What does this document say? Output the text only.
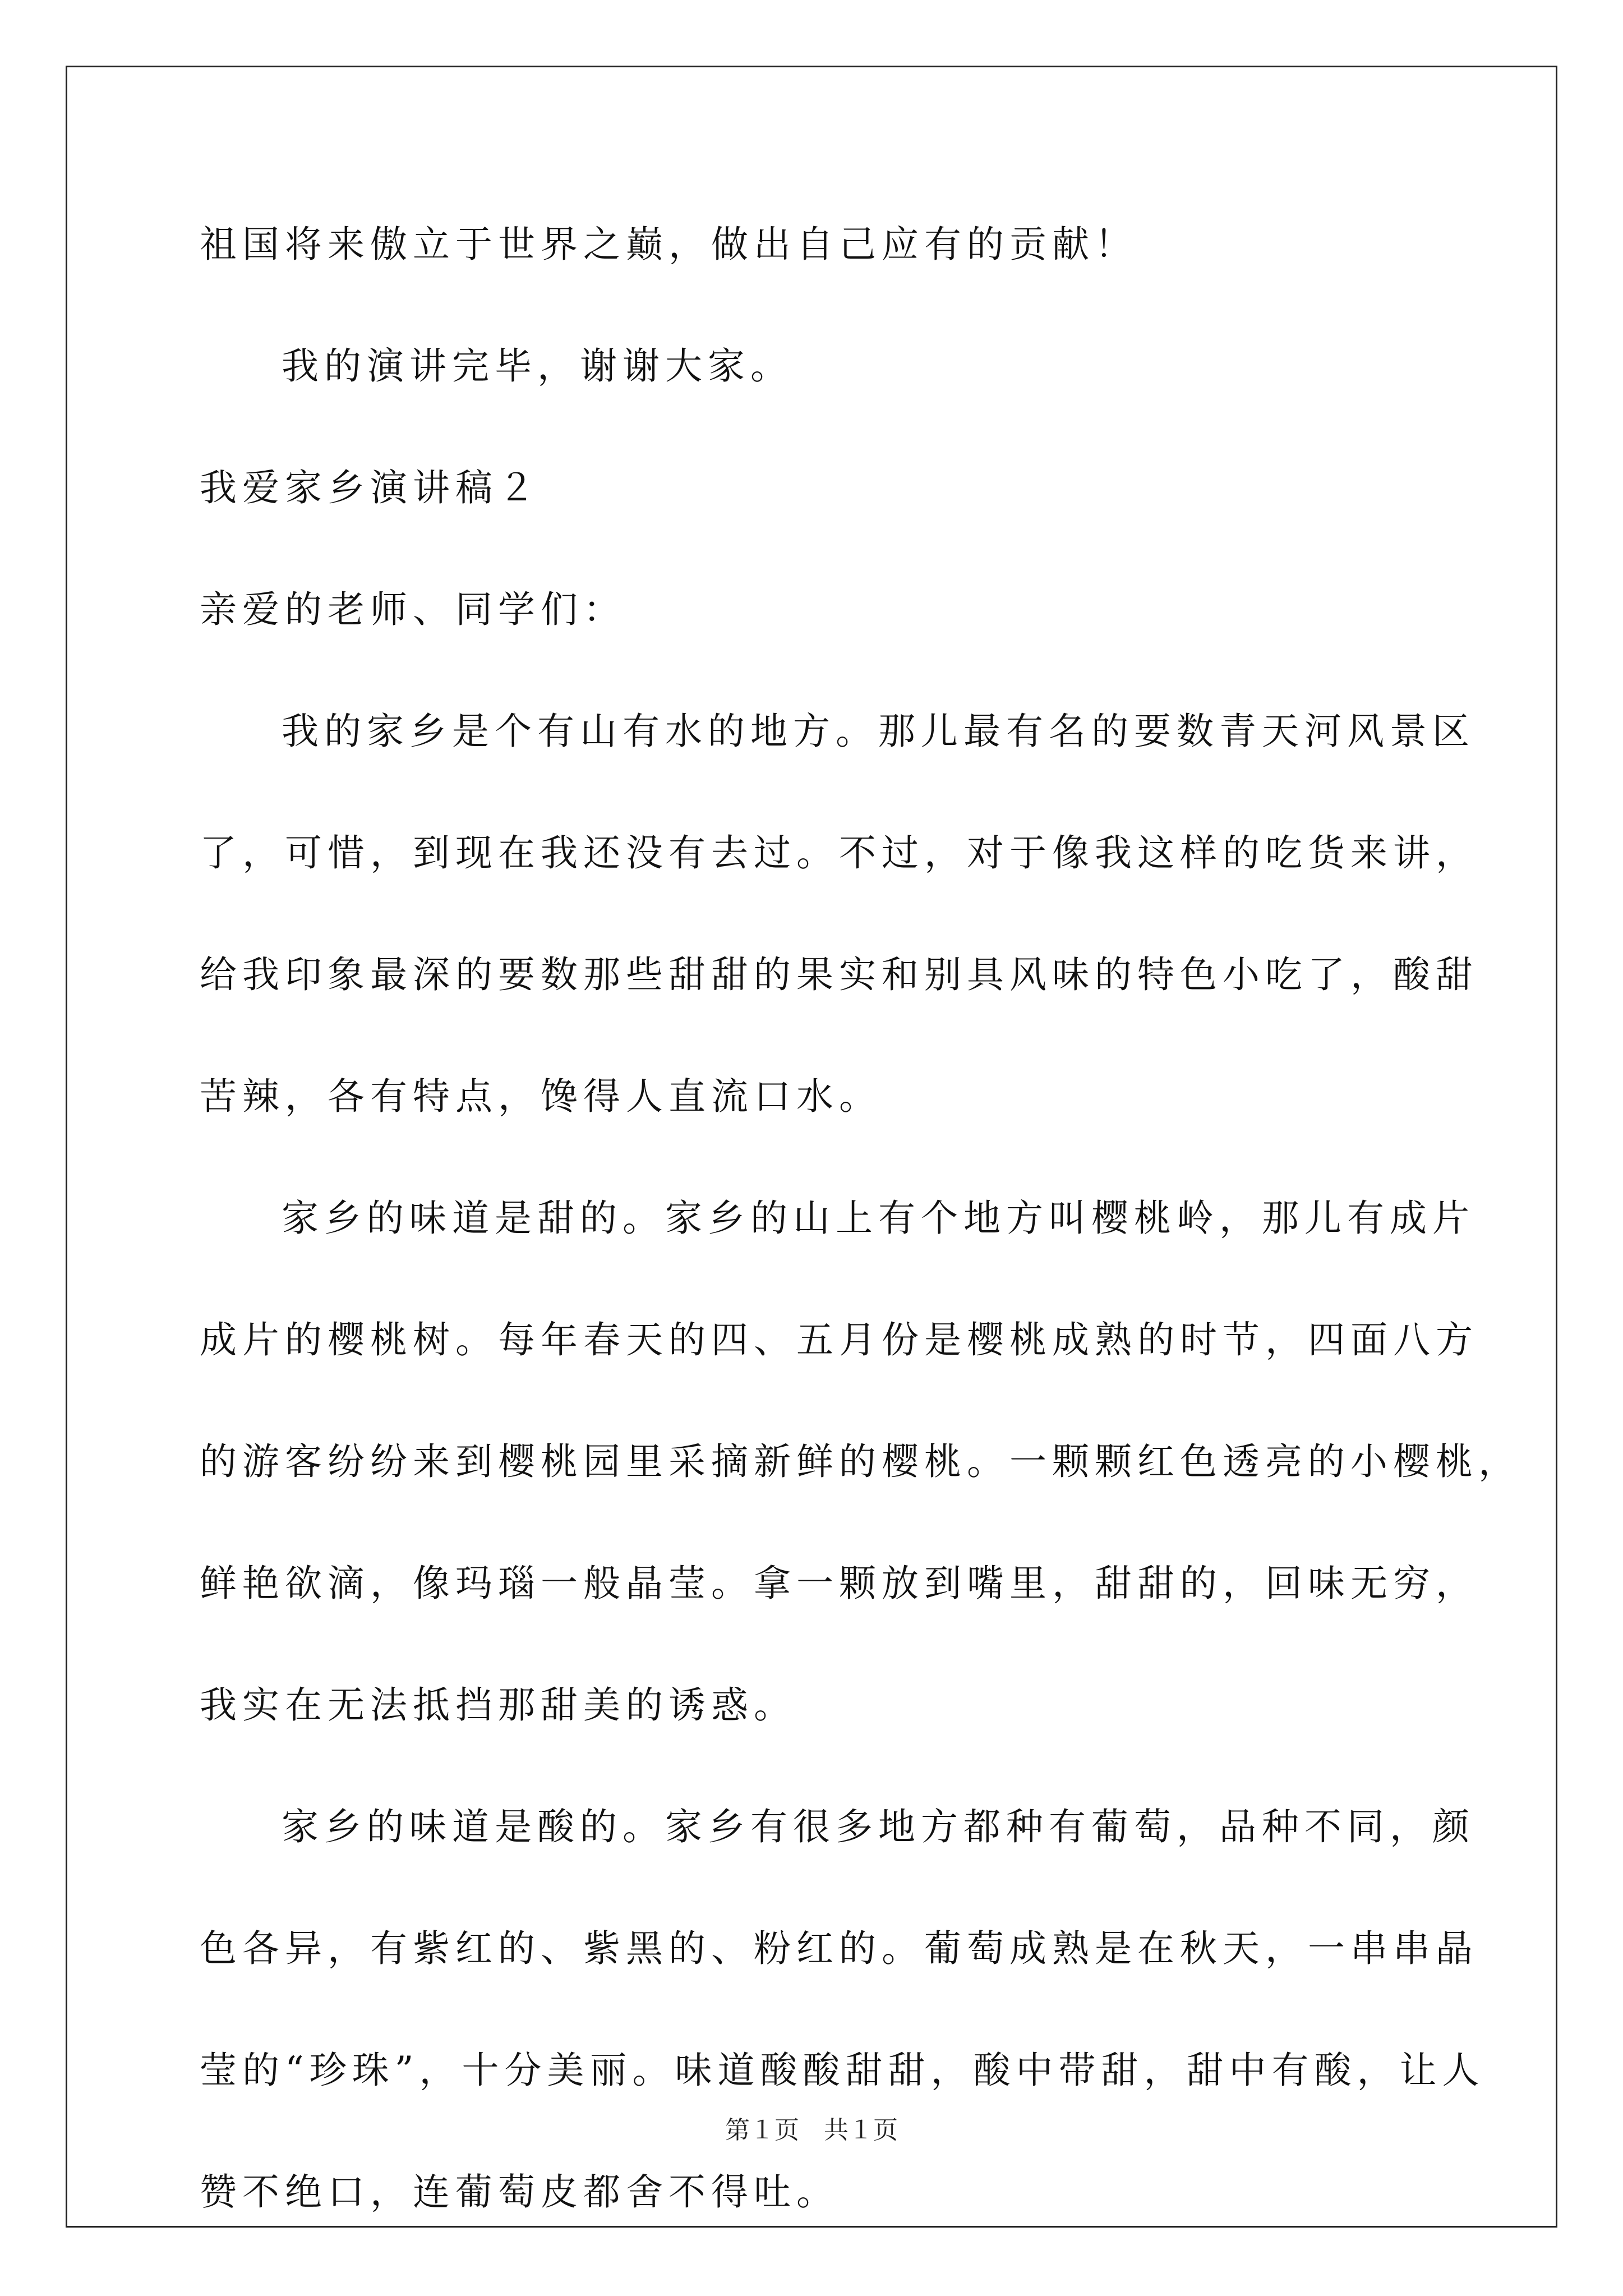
祖国将来傲立于世界之巅，做出自己应有的贡献！
我的演讲完毕，谢谢大家。
我爱家乡演讲稿２
亲爱的老师、同学们：
我的家乡是个有山有水的地方。那儿最有名的要数青天河风景区
了，可惜，到现在我还没有去过。不过，对于像我这样的吃货来讲，
给我印象最深的要数那些甜甜的果实和别具风味的特色小吃了，酸甜
苦辣，各有特点，馋得人直流口水。
家乡的味道是甜的。家乡的山上有个地方叫樱桃岭，那儿有成片
成片的樱桃树。每年春天的四、五月份是樱桃成熟的时节，四面八方
的游客纷纷来到樱桃园里采摘新鲜的樱桃。一颗颗红色透亮的小樱桃，
鲜艳欲滴，像玛瑙一般晶莹。拿一颗放到嘴里，甜甜的，回味无穷，
我实在无法抵挡那甜美的诱惑。
家乡的味道是酸的。家乡有很多地方都种有葡萄，品种不同，颜
色各异，有紫红的、紫黑的、粉红的。葡萄成熟是在秋天，一串串晶
莹的“珍珠”，十分美丽。味道酸酸甜甜，酸中带甜，甜中有酸，让人
赞不绝口，连葡萄皮都舍不得吐。
第１页　共１页
